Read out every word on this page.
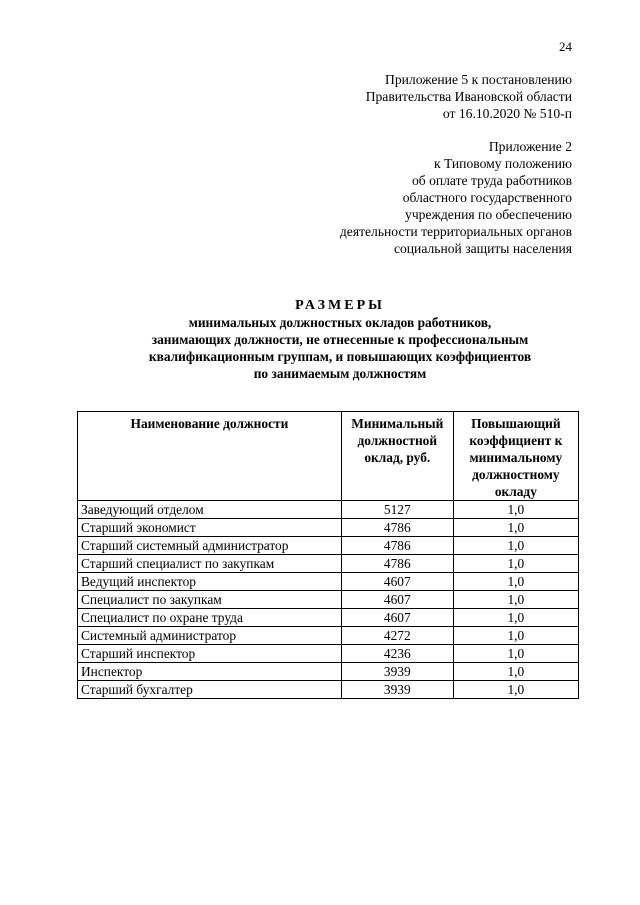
24
Приложение 5 к постановлению
Правительства Ивановской области
от 16.10.2020 № 510-п
Приложение 2
к Типовому положению
об оплате труда работников
областного государственного
учреждения по обеспечению
деятельности территориальных органов
социальной защиты населения
РАЗМЕРЫ
минимальных должностных окладов работников,
занимающих должности, не отнесенные к профессиональным
квалификационным группам, и повышающих коэффициентов
по занимаемым должностям
Наименование должности	Минимальный должностной оклад, руб.	Повышающий коэффициент к минимальному должностному окладу
Заведующий отделом	5127	1,0
Старший экономист	4786	1,0
Старший системный администратор	4786	1,0
Старший специалист по закупкам	4786	1,0
Ведущий инспектор	4607	1,0
Специалист по закупкам	4607	1,0
Специалист по охране труда	4607	1,0
Системный администратор	4272	1,0
Старший инспектор	4236	1,0
Инспектор	3939	1,0
Старший бухгалтер	3939	1,0
